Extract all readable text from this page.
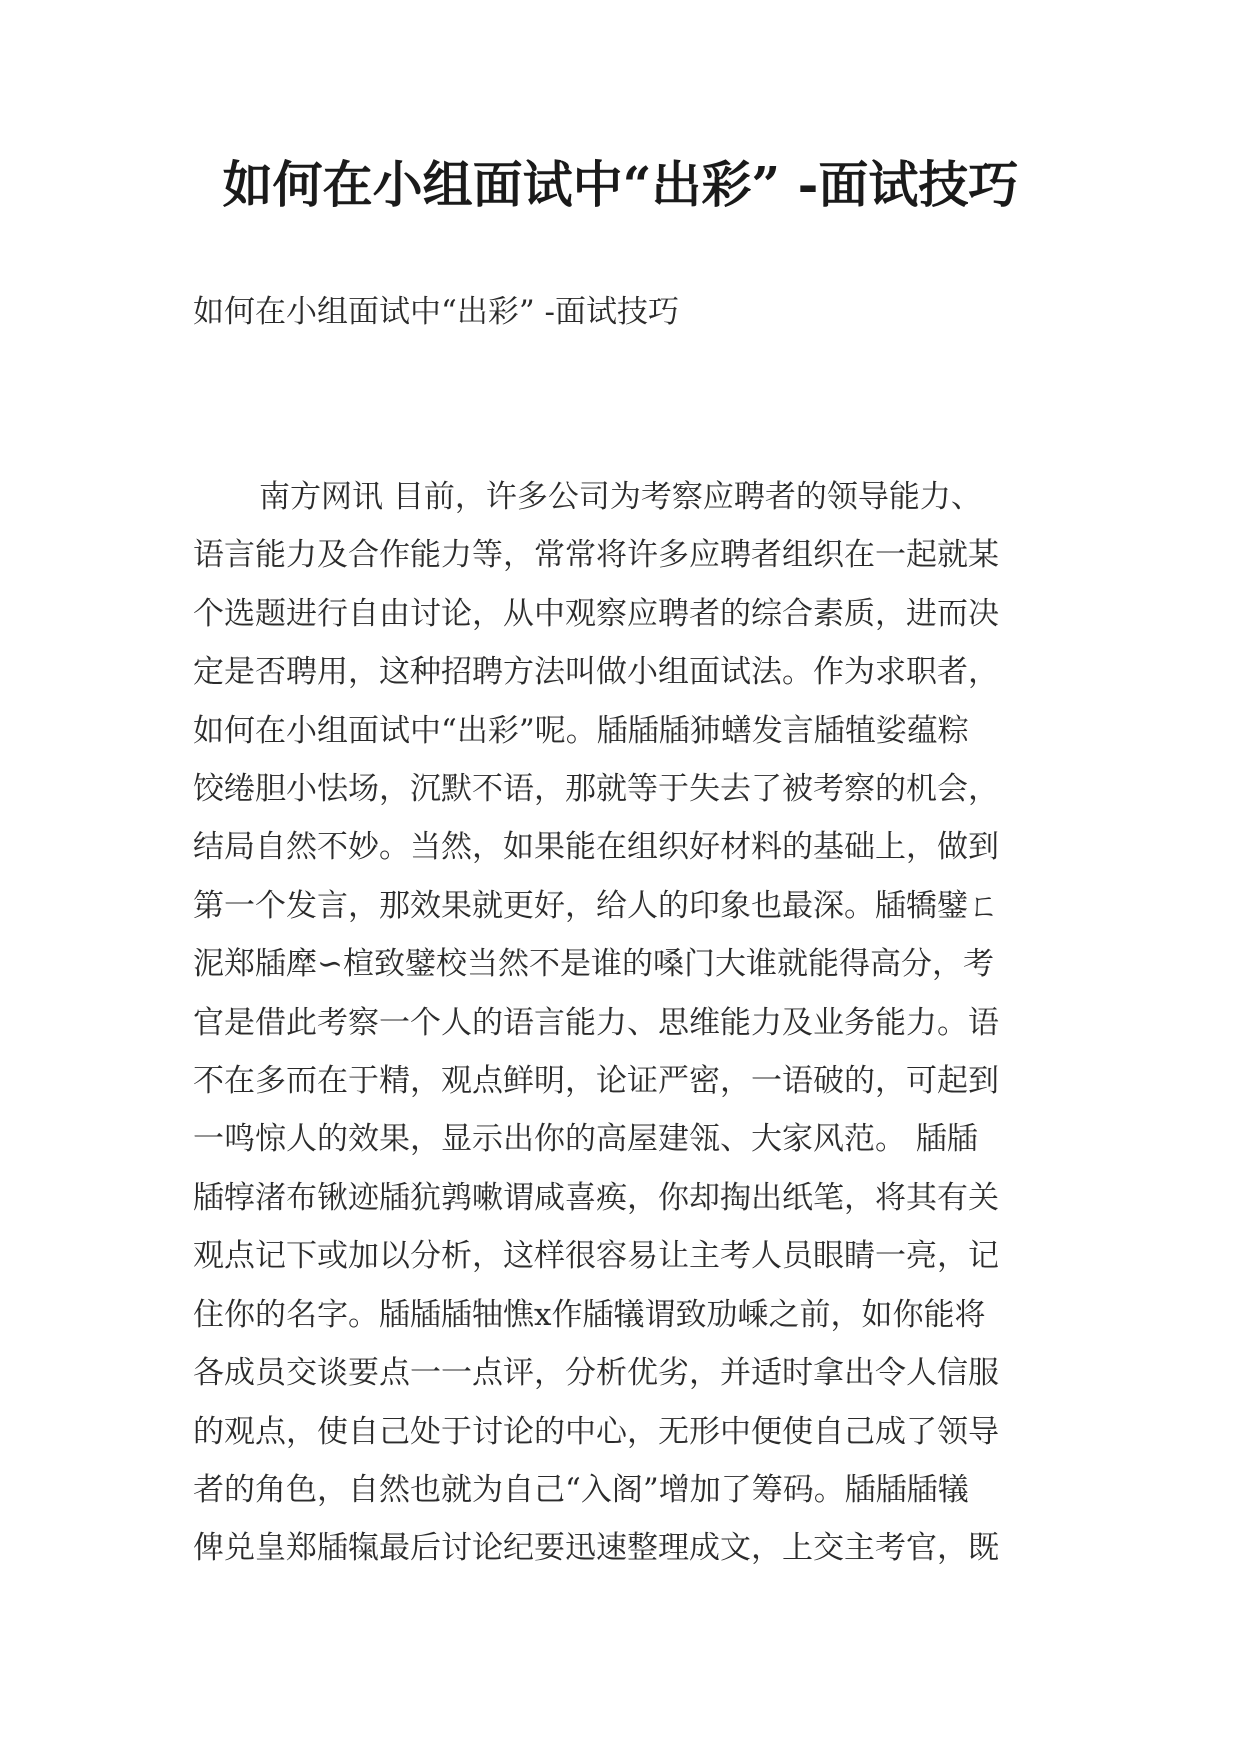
如何在小组面试中“出彩” -面试技巧

如何在小组面试中“出彩” -面试技巧

南方网讯 目前，许多公司为考察应聘者的领导能力、
语言能力及合作能力等，常常将许多应聘者组织在一起就某
个选题进行自由讨论，从中观察应聘者的综合素质，进而决
定是否聘用，这种招聘方法叫做小组面试法。作为求职者，
如何在小组面试中“出彩”呢。牐牐牐犻蟮发言牐犆娑蕴粽
饺绻胆小怯场，沉默不语，那就等于失去了被考察的机会，
结局自然不妙。当然，如果能在组织好材料的基础上，做到
第一个发言，那效果就更好，给人的印象也最深。牐犞鐾ㄈ
泥郑牐犘∽楦致鐾校当然不是谁的嗓门大谁就能得高分，考
官是借此考察一个人的语言能力、思维能力及业务能力。语
不在多而在于精，观点鲜明，论证严密，一语破的，可起到
一鸣惊人的效果，显示出你的高屋建瓴、大家风范。 牐牐
牐犉渚布锹迹牐犺鹑嗽谓咸喜痪，你却掏出纸笔，将其有关
观点记下或加以分析，这样很容易让主考人员眼睛一亮，记
住你的名字。牐牐牐牰憔х作牐犠谓致劢嵊之前，如你能将
各成员交谈要点一一点评，分析优劣，并适时拿出令人信服
的观点，使自己处于讨论的中心，无形中便使自己成了领导
者的角色，自然也就为自己“入阁”增加了筹码。牐牐牐犠
俾兑皇郑牐犔最后讨论纪要迅速整理成文，上交主考官，既
